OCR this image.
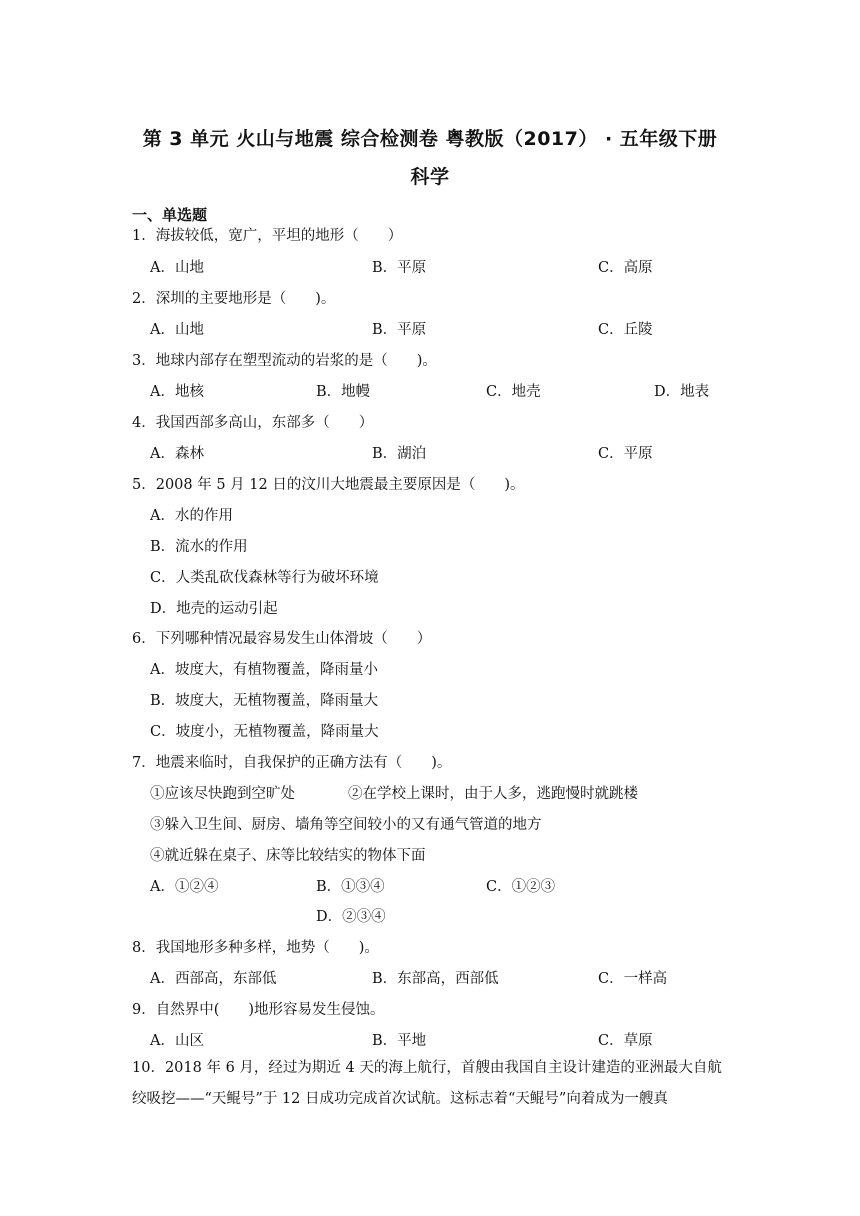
第 3 单元 火山与地震 综合检测卷 粤教版（2017） · 五年级下册
科学
一、单选题
1．海拔较低，宽广，平坦的地形（　　）
A．山地	B．平原	C．高原
2．深圳的主要地形是（　　)。
A．山地	B．平原	C．丘陵
3．地球内部存在塑型流动的岩浆的是（　　)。
A．地核	B．地幔	C．地壳	D．地表
4．我国西部多高山，东部多（　　）
A．森林	B．湖泊	C．平原
5．2008 年 5 月 12 日的汶川大地震最主要原因是（　　)。
A．水的作用
B．流水的作用
C．人类乱砍伐森林等行为破坏环境
D．地壳的运动引起
6．下列哪种情况最容易发生山体滑坡（　　）
A．坡度大，有植物覆盖，降雨量小
B．坡度大，无植物覆盖，降雨量大
C．坡度小，无植物覆盖，降雨量大
7．地震来临时，自我保护的正确方法有（　　)。
①应该尽快跑到空旷处	②在学校上课时，由于人多，逃跑慢时就跳楼
③躲入卫生间、厨房、墙角等空间较小的又有通气管道的地方
④就近躲在桌子、床等比较结实的物体下面
A．①②④	B．①③④	C．①②③
D．②③④
8．我国地形多种多样，地势（　　)。
A．西部高，东部低	B．东部高，西部低	C．一样高
9．自然界中(　　)地形容易发生侵蚀。
A．山区	B．平地	C．草原
10．2018 年 6 月，经过为期近 4 天的海上航行，首艘由我国自主设计建造的亚洲最大自航绞吸挖——“天鲲号”于 12 日成功完成首次试航。这标志着“天鲲号”向着成为一艘真
